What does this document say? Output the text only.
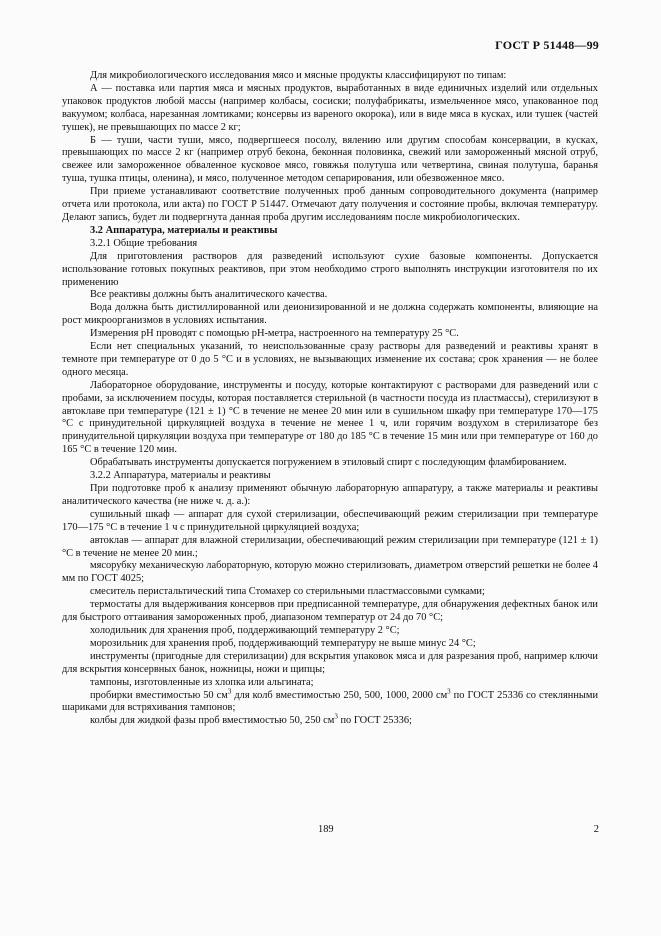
ГОСТ Р 51448—99

Для микробиологического исследования мясо и мясные продукты классифицируют по типам:

А — поставка или партия мяса и мясных продуктов, выработанных в виде единичных изделий или отдельных упаковок продуктов любой массы (например колбасы, сосиски; полуфабрикаты, измельченное мясо, упакованное под вакуумом; колбаса, нарезанная ломтиками; консервы из вареного окорока), или в виде мяса в кусках, или тушек (частей тушек), не превышающих по массе 2 кг;

Б — туши, части туши, мясо, подвергшееся посолу, вялению или другим способам консервации, в кусках, превышающих по массе 2 кг (например отруб бекона, беконная половинка, свежий или замороженный мясной отруб, свежее или замороженное обваленное кусковое мясо, говяжья полутуша или четвертина, свиная полутуша, баранья туша, тушка птицы, оленина), и мясо, полученное методом сепарирования, или обезвоженное мясо.

При приеме устанавливают соответствие полученных проб данным сопроводительного документа (например отчета или протокола, или акта) по ГОСТ Р 51447. Отмечают дату получения и состояние пробы, включая температуру. Делают запись, будет ли подвергнута данная проба другим исследованиям после микробиологических.

3.2 Аппаратура, материалы и реактивы

3.2.1 Общие требования

Для приготовления растворов для разведений используют сухие базовые компоненты. Допускается использование готовых покупных реактивов, при этом необходимо строго выполнять инструкции изготовителя по их применению

Все реактивы должны быть аналитического качества.

Вода должна быть дистиллированной или деионизированной и не должна содержать компоненты, влияющие на рост микроорганизмов в условиях испытания.

Измерения рН проводят с помощью рН-метра, настроенного на температуру 25 °С.

Если нет специальных указаний, то неиспользованные сразу растворы для разведений и реактивы хранят в темноте при температуре от 0 до 5 °С и в условиях, не вызывающих изменение их состава; срок хранения — не более одного месяца.

Лабораторное оборудование, инструменты и посуду, которые контактируют с растворами для разведений или с пробами, за исключением посуды, которая поставляется стерильной (в частности посуда из пластмассы), стерилизуют в автоклаве при температуре (121 ± 1) °С в течение не менее 20 мин или в сушильном шкафу при температуре 170—175 °С с принудительной циркуляцией воздуха в течение не менее 1 ч, или горячим воздухом в стерилизаторе без принудительной циркуляции воздуха при температуре от 180 до 185 °С в течение 15 мин или при температуре от 160 до 165 °С в течение 120 мин.

Обрабатывать инструменты допускается погружением в этиловый спирт с последующим фламбированием.

3.2.2 Аппаратура, материалы и реактивы

При подготовке проб к анализу применяют обычную лабораторную аппаратуру, а также материалы и реактивы аналитического качества (не ниже ч. д. а.):

сушильный шкаф — аппарат для сухой стерилизации, обеспечивающий режим стерилизации при температуре 170—175 °С в течение 1 ч с принудительной циркуляцией воздуха;

автоклав — аппарат для влажной стерилизации, обеспечивающий режим стерилизации при температуре (121 ± 1) °С в течение не менее 20 мин.;

мясорубку механическую лабораторную, которую можно стерилизовать, диаметром отверстий решетки не более 4 мм по ГОСТ 4025;

смеситель перистальтический типа Стомахер со стерильными пластмассовыми сумками;

термостаты для выдерживания консервов при предписанной температуре, для обнаружения дефектных банок или для быстрого оттаивания замороженных проб, диапазоном температур от 24 до 70 °С;

холодильник для хранения проб, поддерживающий температуру 2 °С;

морозильник для хранения проб, поддерживающий температуру не выше минус 24 °С;

инструменты (пригодные для стерилизации) для вскрытия упаковок мяса и для разрезания проб, например ключи для вскрытия консервных банок, ножницы, ножи и щипцы;

тампоны, изготовленные из хлопка или альгината;

пробирки вместимостью 50 $см^3$ для колб вместимостью 250, 500, 1000, 2000 $см^3$ по ГОСТ 25336 со стеклянными шариками для встряхивания тампонов;

колбы для жидкой фазы проб вместимостью 50, 250 $см^3$ по ГОСТ 25336;

189	2
